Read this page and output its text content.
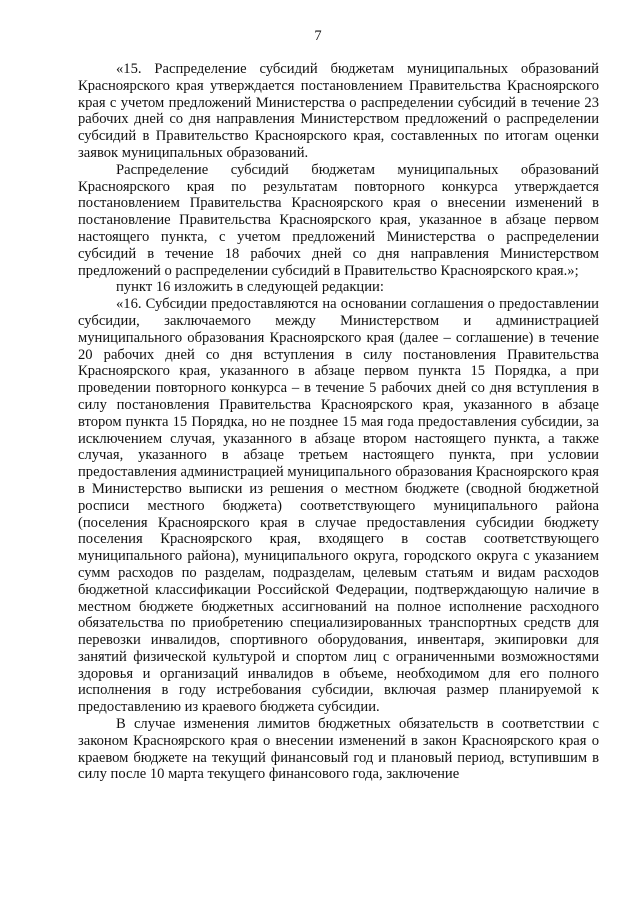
7

«15. Распределение субсидий бюджетам муниципальных образований Красноярского края утверждается постановлением Правительства Красноярского края с учетом предложений Министерства о распределении субсидий в течение 23 рабочих дней со дня направления Министерством предложений о распределении субсидий в Правительство Красноярского края, составленных по итогам оценки заявок муниципальных образований.

Распределение субсидий бюджетам муниципальных образований Красноярского края по результатам повторного конкурса утверждается постановлением Правительства Красноярского края о внесении изменений в постановление Правительства Красноярского края, указанное в абзаце первом настоящего пункта, с учетом предложений Министерства о распределении субсидий в течение 18 рабочих дней со дня направления Министерством предложений о распределении субсидий в Правительство Красноярского края.»;

пункт 16 изложить в следующей редакции:

«16. Субсидии предоставляются на основании соглашения о предоставлении субсидии, заключаемого между Министерством и администрацией муниципального образования Красноярского края (далее – соглашение) в течение 20 рабочих дней со дня вступления в силу постановления Правительства Красноярского края, указанного в абзаце первом пункта 15 Порядка, а при проведении повторного конкурса – в течение 5 рабочих дней со дня вступления в силу постановления Правительства Красноярского края, указанного в абзаце втором пункта 15 Порядка, но не позднее 15 мая года предоставления субсидии, за исключением случая, указанного в абзаце втором настоящего пункта, а также случая, указанного в абзаце третьем настоящего пункта, при условии предоставления администрацией муниципального образования Красноярского края в Министерство выписки из решения о местном бюджете (сводной бюджетной росписи местного бюджета) соответствующего муниципального района (поселения Красноярского края в случае предоставления субсидии бюджету поселения Красноярского края, входящего в состав соответствующего муниципального района), муниципального округа, городского округа с указанием сумм расходов по разделам, подразделам, целевым статьям и видам расходов бюджетной классификации Российской Федерации, подтверждающую наличие в местном бюджете бюджетных ассигнований на полное исполнение расходного обязательства по приобретению специализированных транспортных средств для перевозки инвалидов, спортивного оборудования, инвентаря, экипировки для занятий физической культурой и спортом лиц с ограниченными возможностями здоровья и организаций инвалидов в объеме, необходимом для его полного исполнения в году истребования субсидии, включая размер планируемой к предоставлению из краевого бюджета субсидии.

В случае изменения лимитов бюджетных обязательств в соответствии с законом Красноярского края о внесении изменений в закон Красноярского края о краевом бюджете на текущий финансовый год и плановый период, вступившим в силу после 10 марта текущего финансового года, заключение
